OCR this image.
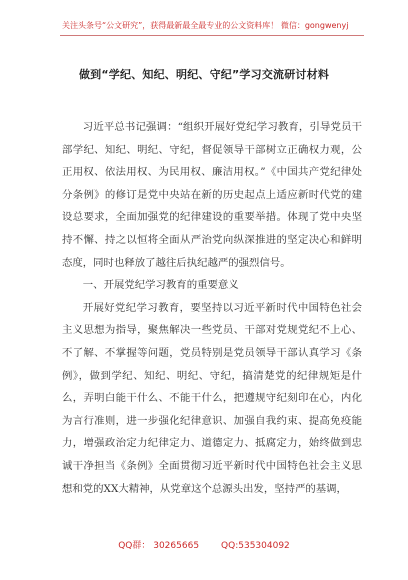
关注头条号“公文研究”，获得最新最全最专业的公文资料库！ 微信：gongwenyj
做到“学纪、知纪、明纪、守纪”学习交流研讨材料

习近平总书记强调：“组织开展好党纪学习教育，引导党员干部学纪、知纪、明纪、守纪，督促领导干部树立正确权力观，公正用权、依法用权、为民用权、廉洁用权。”《中国共产党纪律处分条例》的修订是党中央站在新的历史起点上适应新时代党的建设总要求，全面加强党的纪律建设的重要举措。体现了党中央坚持不懈、持之以恒将全面从严治党向纵深推进的坚定决心和鲜明态度，同时也释放了越往后执纪越严的强烈信号。

一、开展党纪学习教育的重要意义

开展好党纪学习教育，要坚持以习近平新时代中国特色社会主义思想为指导，聚焦解决一些党员、干部对党规党纪不上心、不了解、不掌握等问题，党员特别是党员领导干部认真学习《条例》，做到学纪、知纪、明纪、守纪，搞清楚党的纪律规矩是什么，弄明白能干什么、不能干什么，把遵规守纪刻印在心，内化为言行准则，进一步强化纪律意识、加强自我约束、提高免疫能力，增强政治定力纪律定力、道德定力、抵腐定力，始终做到忠诚干净担当《条例》全面贯彻习近平新时代中国特色社会主义思想和党的XX大精神，从党章这个总源头出发，坚持严的基调，

QQ群： 30265665 QQ:535304092
